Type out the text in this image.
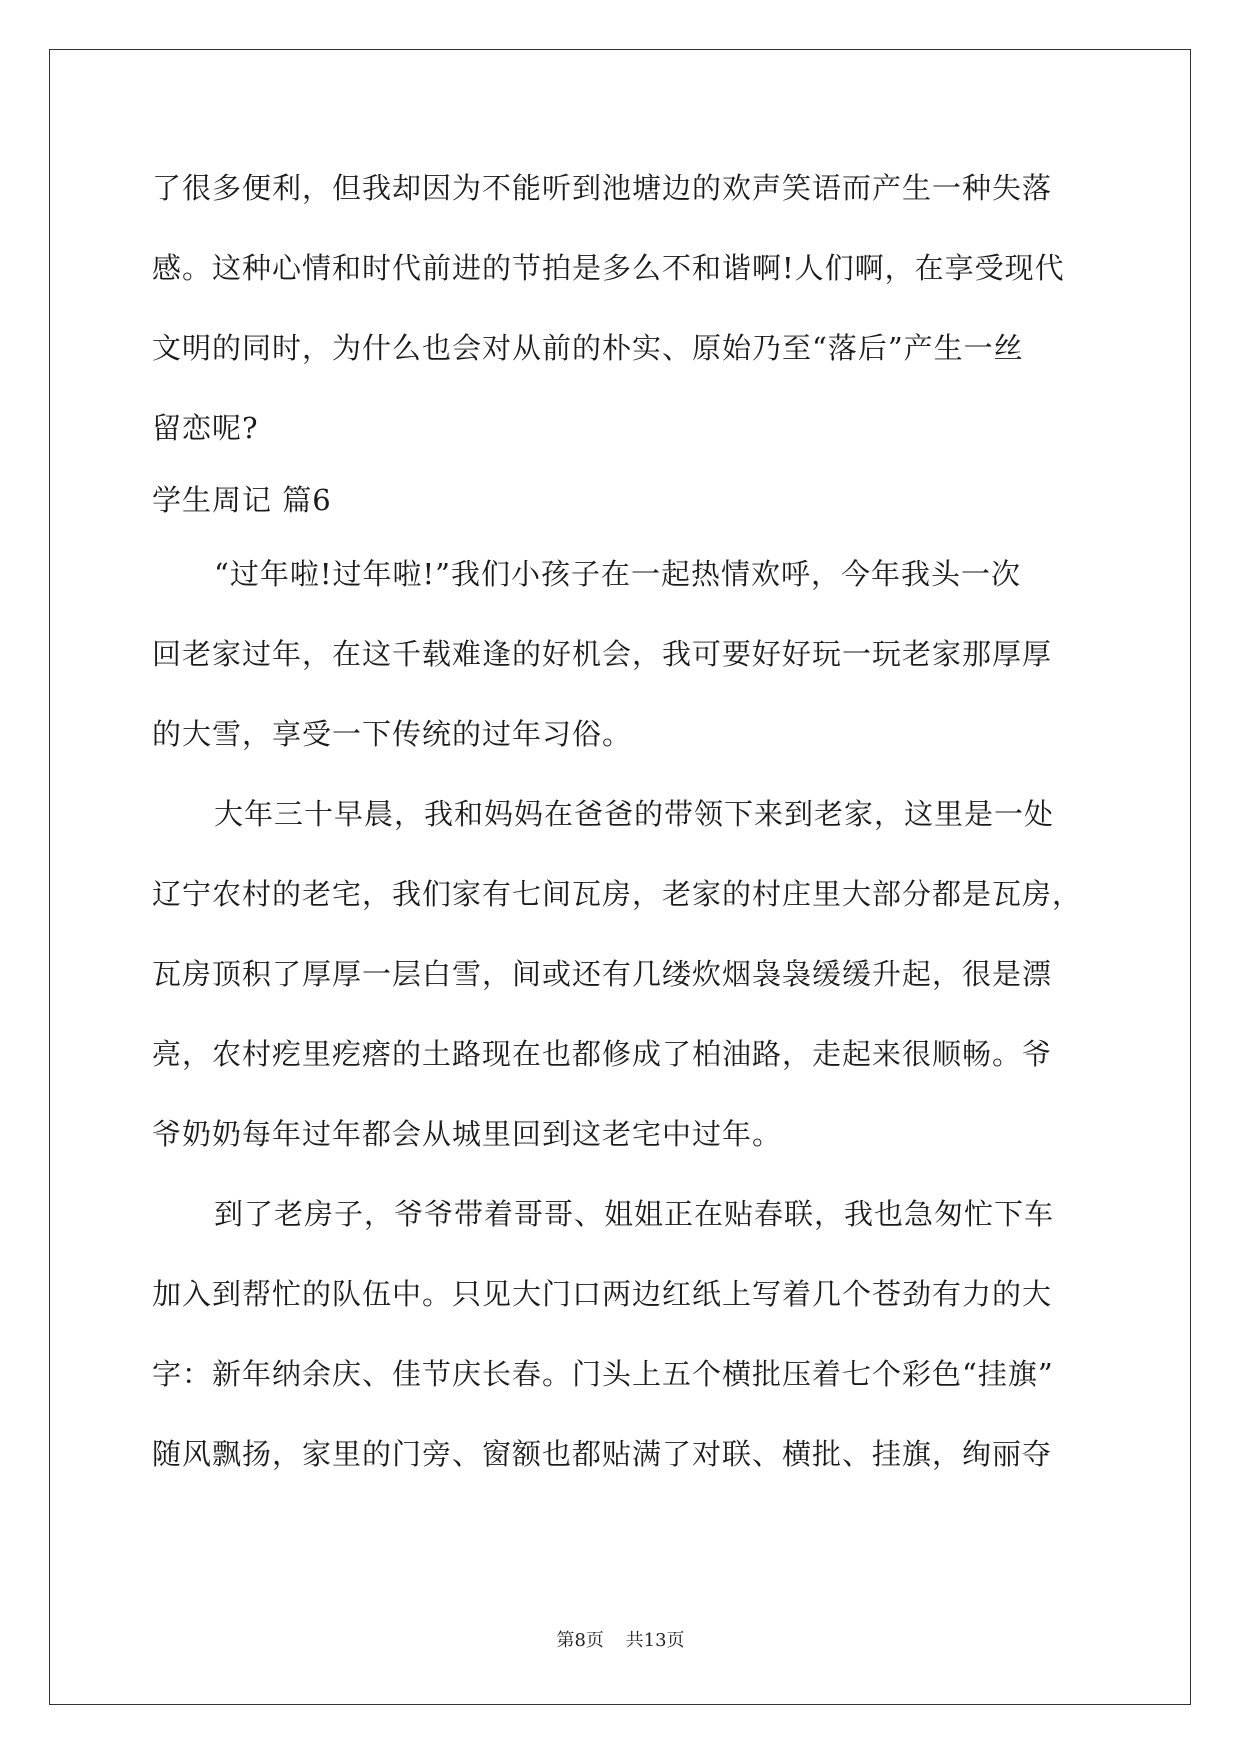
了很多便利，但我却因为不能听到池塘边的欢声笑语而产生一种失落

感。这种心情和时代前进的节拍是多么不和谐啊!人们啊，在享受现代

文明的同时，为什么也会对从前的朴实、原始乃至“落后”产生一丝

留恋呢?

学生周记 篇6

“过年啦!过年啦!”我们小孩子在一起热情欢呼，今年我头一次

回老家过年，在这千载难逢的好机会，我可要好好玩一玩老家那厚厚

的大雪，享受一下传统的过年习俗。

大年三十早晨，我和妈妈在爸爸的带领下来到老家，这里是一处

辽宁农村的老宅，我们家有七间瓦房，老家的村庄里大部分都是瓦房，

瓦房顶积了厚厚一层白雪，间或还有几缕炊烟袅袅缓缓升起，很是漂

亮，农村疙里疙瘩的土路现在也都修成了柏油路，走起来很顺畅。爷

爷奶奶每年过年都会从城里回到这老宅中过年。

到了老房子，爷爷带着哥哥、姐姐正在贴春联，我也急匆忙下车

加入到帮忙的队伍中。只见大门口两边红纸上写着几个苍劲有力的大

字：新年纳余庆、佳节庆长春。门头上五个横批压着七个彩色“挂旗”

随风飘扬，家里的门旁、窗额也都贴满了对联、横批、挂旗，绚丽夺

第8页 共13页
